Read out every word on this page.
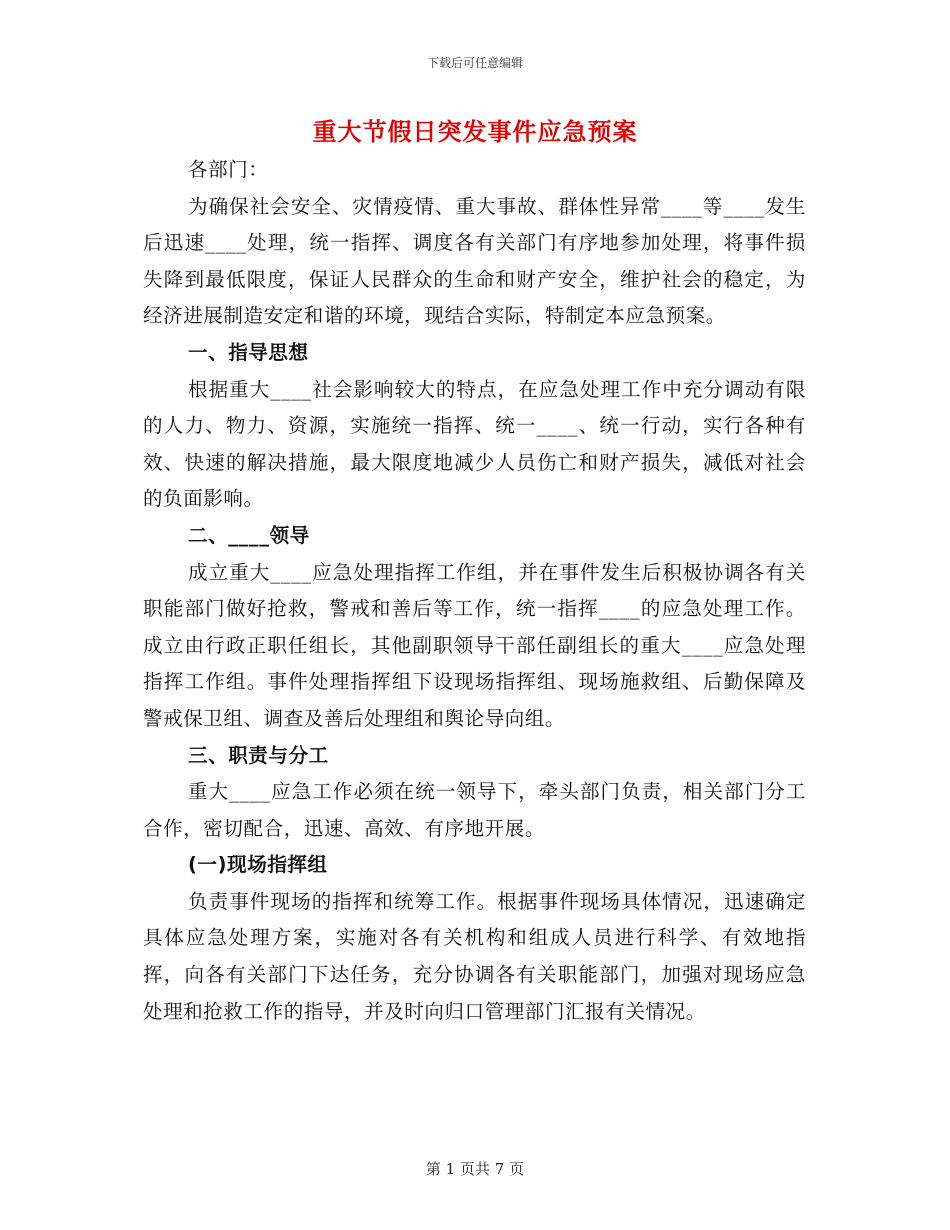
下载后可任意编辑
重大节假日突发事件应急预案

各部门：

为确保社会安全、灾情疫情、重大事故、群体性异常____等____发生后迅速____处理，统一指挥、调度各有关部门有序地参加处理，将事件损失降到最低限度，保证人民群众的生命和财产安全，维护社会的稳定，为经济进展制造安定和谐的环境，现结合实际，特制定本应急预案。

一、指导思想

根据重大____社会影响较大的特点，在应急处理工作中充分调动有限的人力、物力、资源，实施统一指挥、统一____、统一行动，实行各种有效、快速的解决措施，最大限度地减少人员伤亡和财产损失，减低对社会的负面影响。

二、____领导

成立重大____应急处理指挥工作组，并在事件发生后积极协调各有关职能部门做好抢救，警戒和善后等工作，统一指挥____的应急处理工作。成立由行政正职任组长，其他副职领导干部任副组长的重大____应急处理指挥工作组。事件处理指挥组下设现场指挥组、现场施救组、后勤保障及警戒保卫组、调查及善后处理组和舆论导向组。

三、职责与分工

重大____应急工作必须在统一领导下，牵头部门负责，相关部门分工合作，密切配合，迅速、高效、有序地开展。

(一)现场指挥组

负责事件现场的指挥和统筹工作。根据事件现场具体情况，迅速确定具体应急处理方案，实施对各有关机构和组成人员进行科学、有效地指挥，向各有关部门下达任务，充分协调各有关职能部门，加强对现场应急处理和抢救工作的指导，并及时向归口管理部门汇报有关情况。

第 1 页共 7 页
